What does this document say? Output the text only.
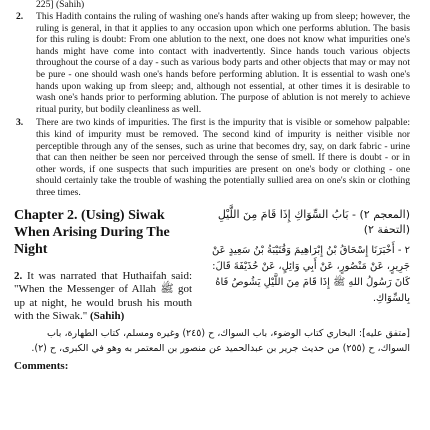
225] (Sahih)
2. This Hadith contains the ruling of washing one's hands after waking up from sleep; however, the ruling is general, in that it applies to any occasion upon which one performs ablution. The basis for this ruling is doubt: From one ablution to the next, one does not know what impurities one's hands might have come into contact with inadvertently. Since hands touch various objects throughout the course of a day - such as various body parts and other objects that may or may not be pure - one should wash one's hands before performing ablution. It is essential to wash one's hands upon waking up from sleep; and, although not essential, at other times it is desirable to wash one's hands prior to performing ablution. The purpose of ablution is not merely to achieve ritual purity, but bodily cleanliness as well.
3. There are two kinds of impurities. The first is the impurity that is visible or somehow palpable: this kind of impurity must be removed. The second kind of impurity is neither visible nor perceptible through any of the senses, such as urine that becomes dry, say, on dark fabric - urine that can then neither be seen nor perceived through the sense of smell. If there is doubt - or in other words, if one suspects that such impurities are present on one's body or clothing - one should certainly take the trouble of washing the potentially sullied area on one's skin or clothing three times.
Chapter 2. (Using) Siwak When Arising During The Night
2. It was narrated that Huthaifah said: "When the Messenger of Allah ﷺ got up at night, he would brush his mouth with the Siwak." (Sahih)
(المعجم ٢) - بَابُ السِّوَاكِ إِذَا قَامَ مِنَ اللَّيْلِ (التحفة ٢)
٢ - أَخْبَرَنَا إِسْحَاقُ بْنُ إِبْرَاهِيمَ وَقُتَيْبَةُ بْنُ سَعِيدٍ عَنْ جَرِيرٍ، عَنْ مَنْصُورٍ، عَنْ أَبِي وَائِلٍ، عَنْ حُذَيْفَةَ قَالَ: كَانَ رَسُولُ اللهِ ﷺ إِذَا قَامَ مِنَ اللَّيْلِ يَشُوصُ فَاهُ بِالسِّوَاكِ.
[متفق عليه]: البخاري كتاب الوضوء، باب السواك، ح (٢٤٥) وغيره ومسلم، كتاب الطهارة، باب السواك، ح (٢٥٥) من حديث جرير بن عبدالحميد عن منصور بن المعتمر به وهو في الكبرى، ح (٢).
Comments:
